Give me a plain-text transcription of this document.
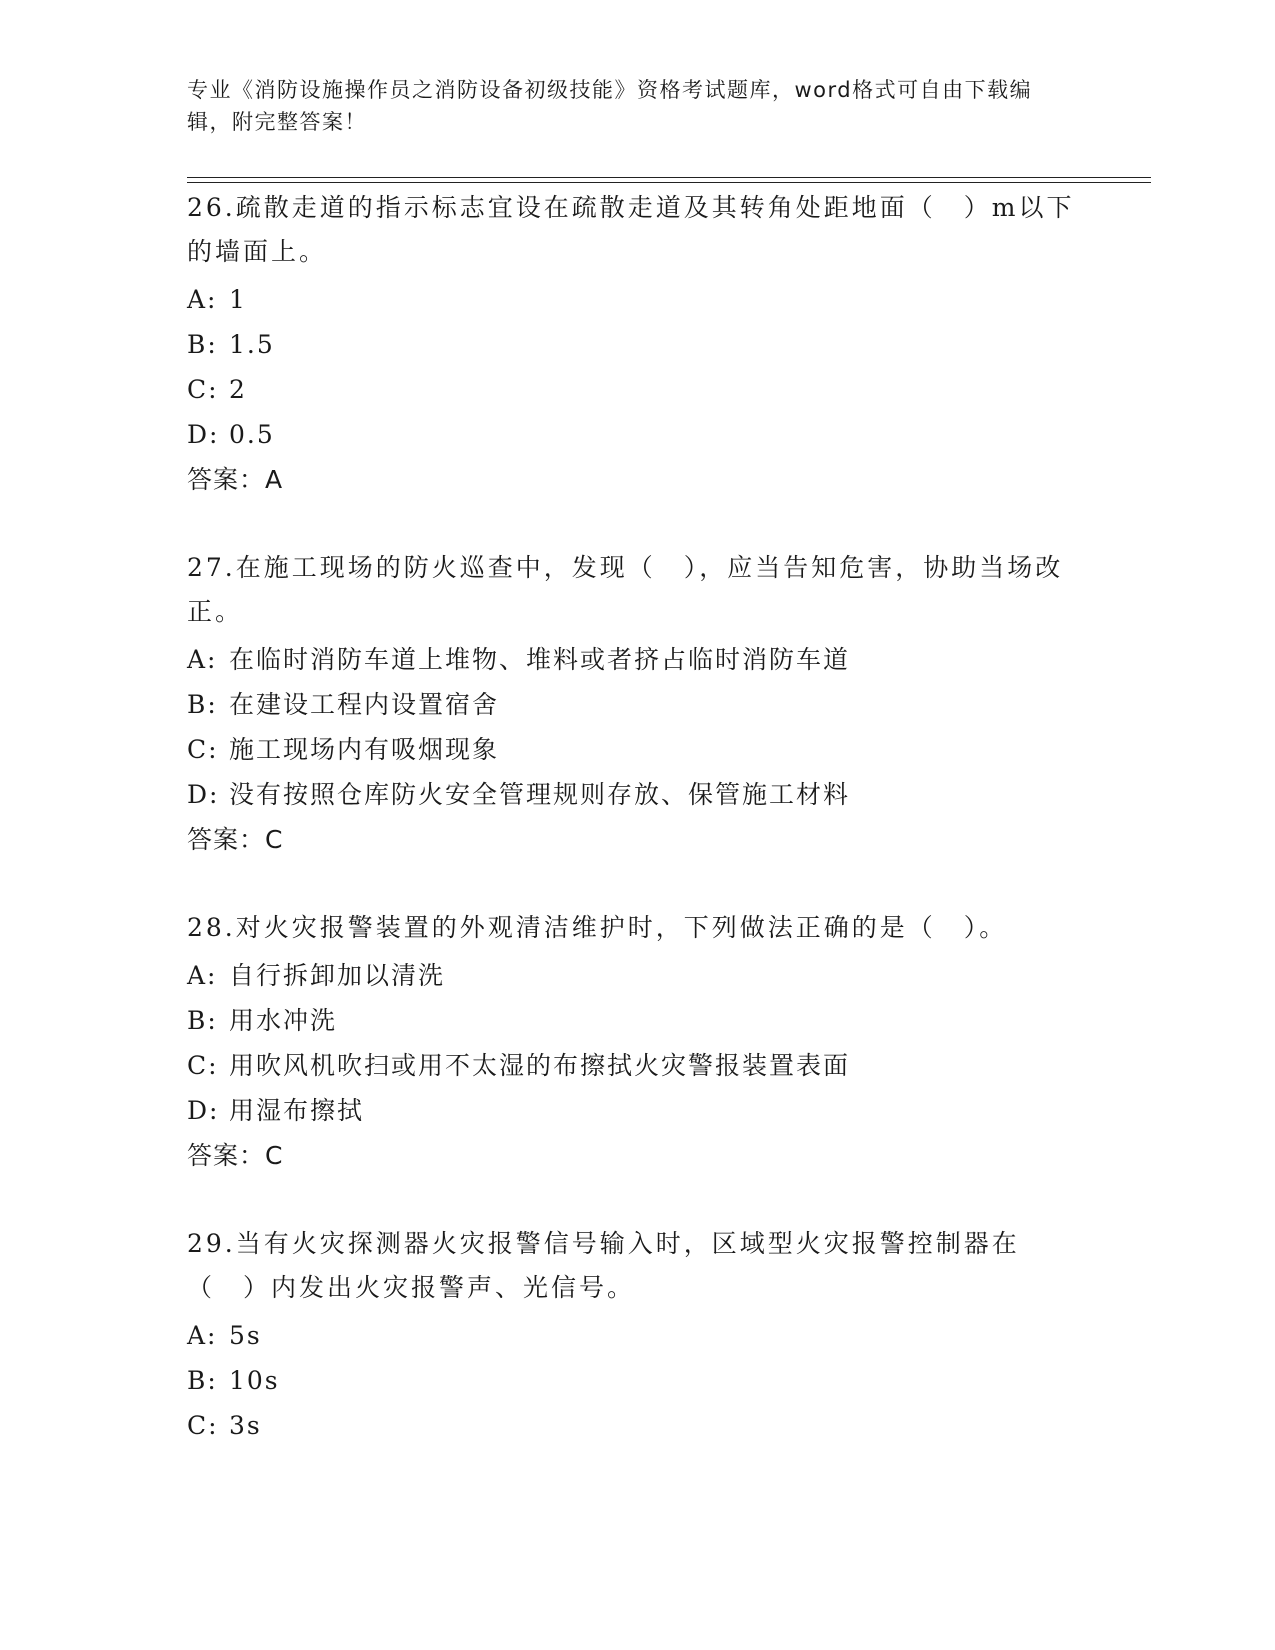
专业《消防设施操作员之消防设备初级技能》资格考试题库，word格式可自由下载编辑，附完整答案！
26.疏散走道的指示标志宜设在疏散走道及其转角处距地面（　）m以下的墙面上。
A: 1
B: 1.5
C: 2
D: 0.5
答案：A
27.在施工现场的防火巡查中，发现（　），应当告知危害，协助当场改正。
A: 在临时消防车道上堆物、堆料或者挤占临时消防车道
B: 在建设工程内设置宿舍
C: 施工现场内有吸烟现象
D: 没有按照仓库防火安全管理规则存放、保管施工材料
答案：C
28.对火灾报警装置的外观清洁维护时，下列做法正确的是（　）。
A: 自行拆卸加以清洗
B: 用水冲洗
C: 用吹风机吹扫或用不太湿的布擦拭火灾警报装置表面
D: 用湿布擦拭
答案：C
29.当有火灾探测器火灾报警信号输入时，区域型火灾报警控制器在（　）内发出火灾报警声、光信号。
A: 5s
B: 10s
C: 3s
